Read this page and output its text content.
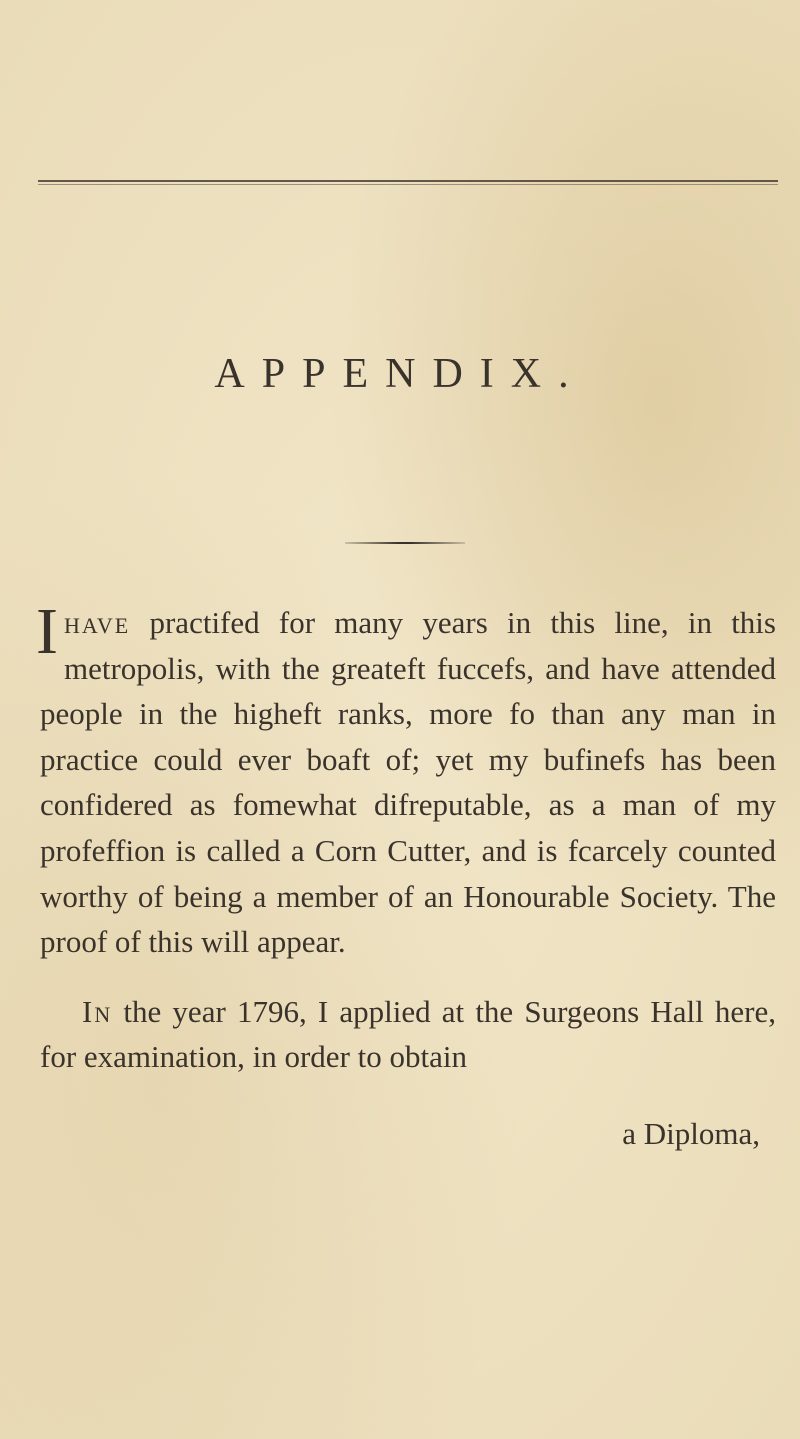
APPENDIX.

Ihave practifed for many years in this line, in this metropolis, with the greateft fuccefs, and have attended people in the higheft ranks, more fo than any man in practice could ever boaft of; yet my bufinefs has been confidered as fomewhat difreputable, as a man of my profeffion is called a Corn Cutter, and is fcarcely counted worthy of being a member of an Honourable Society. The proof of this will appear.

In the year 1796, I applied at the Surgeons Hall here, for examination, in order to obtain

a Diploma,
